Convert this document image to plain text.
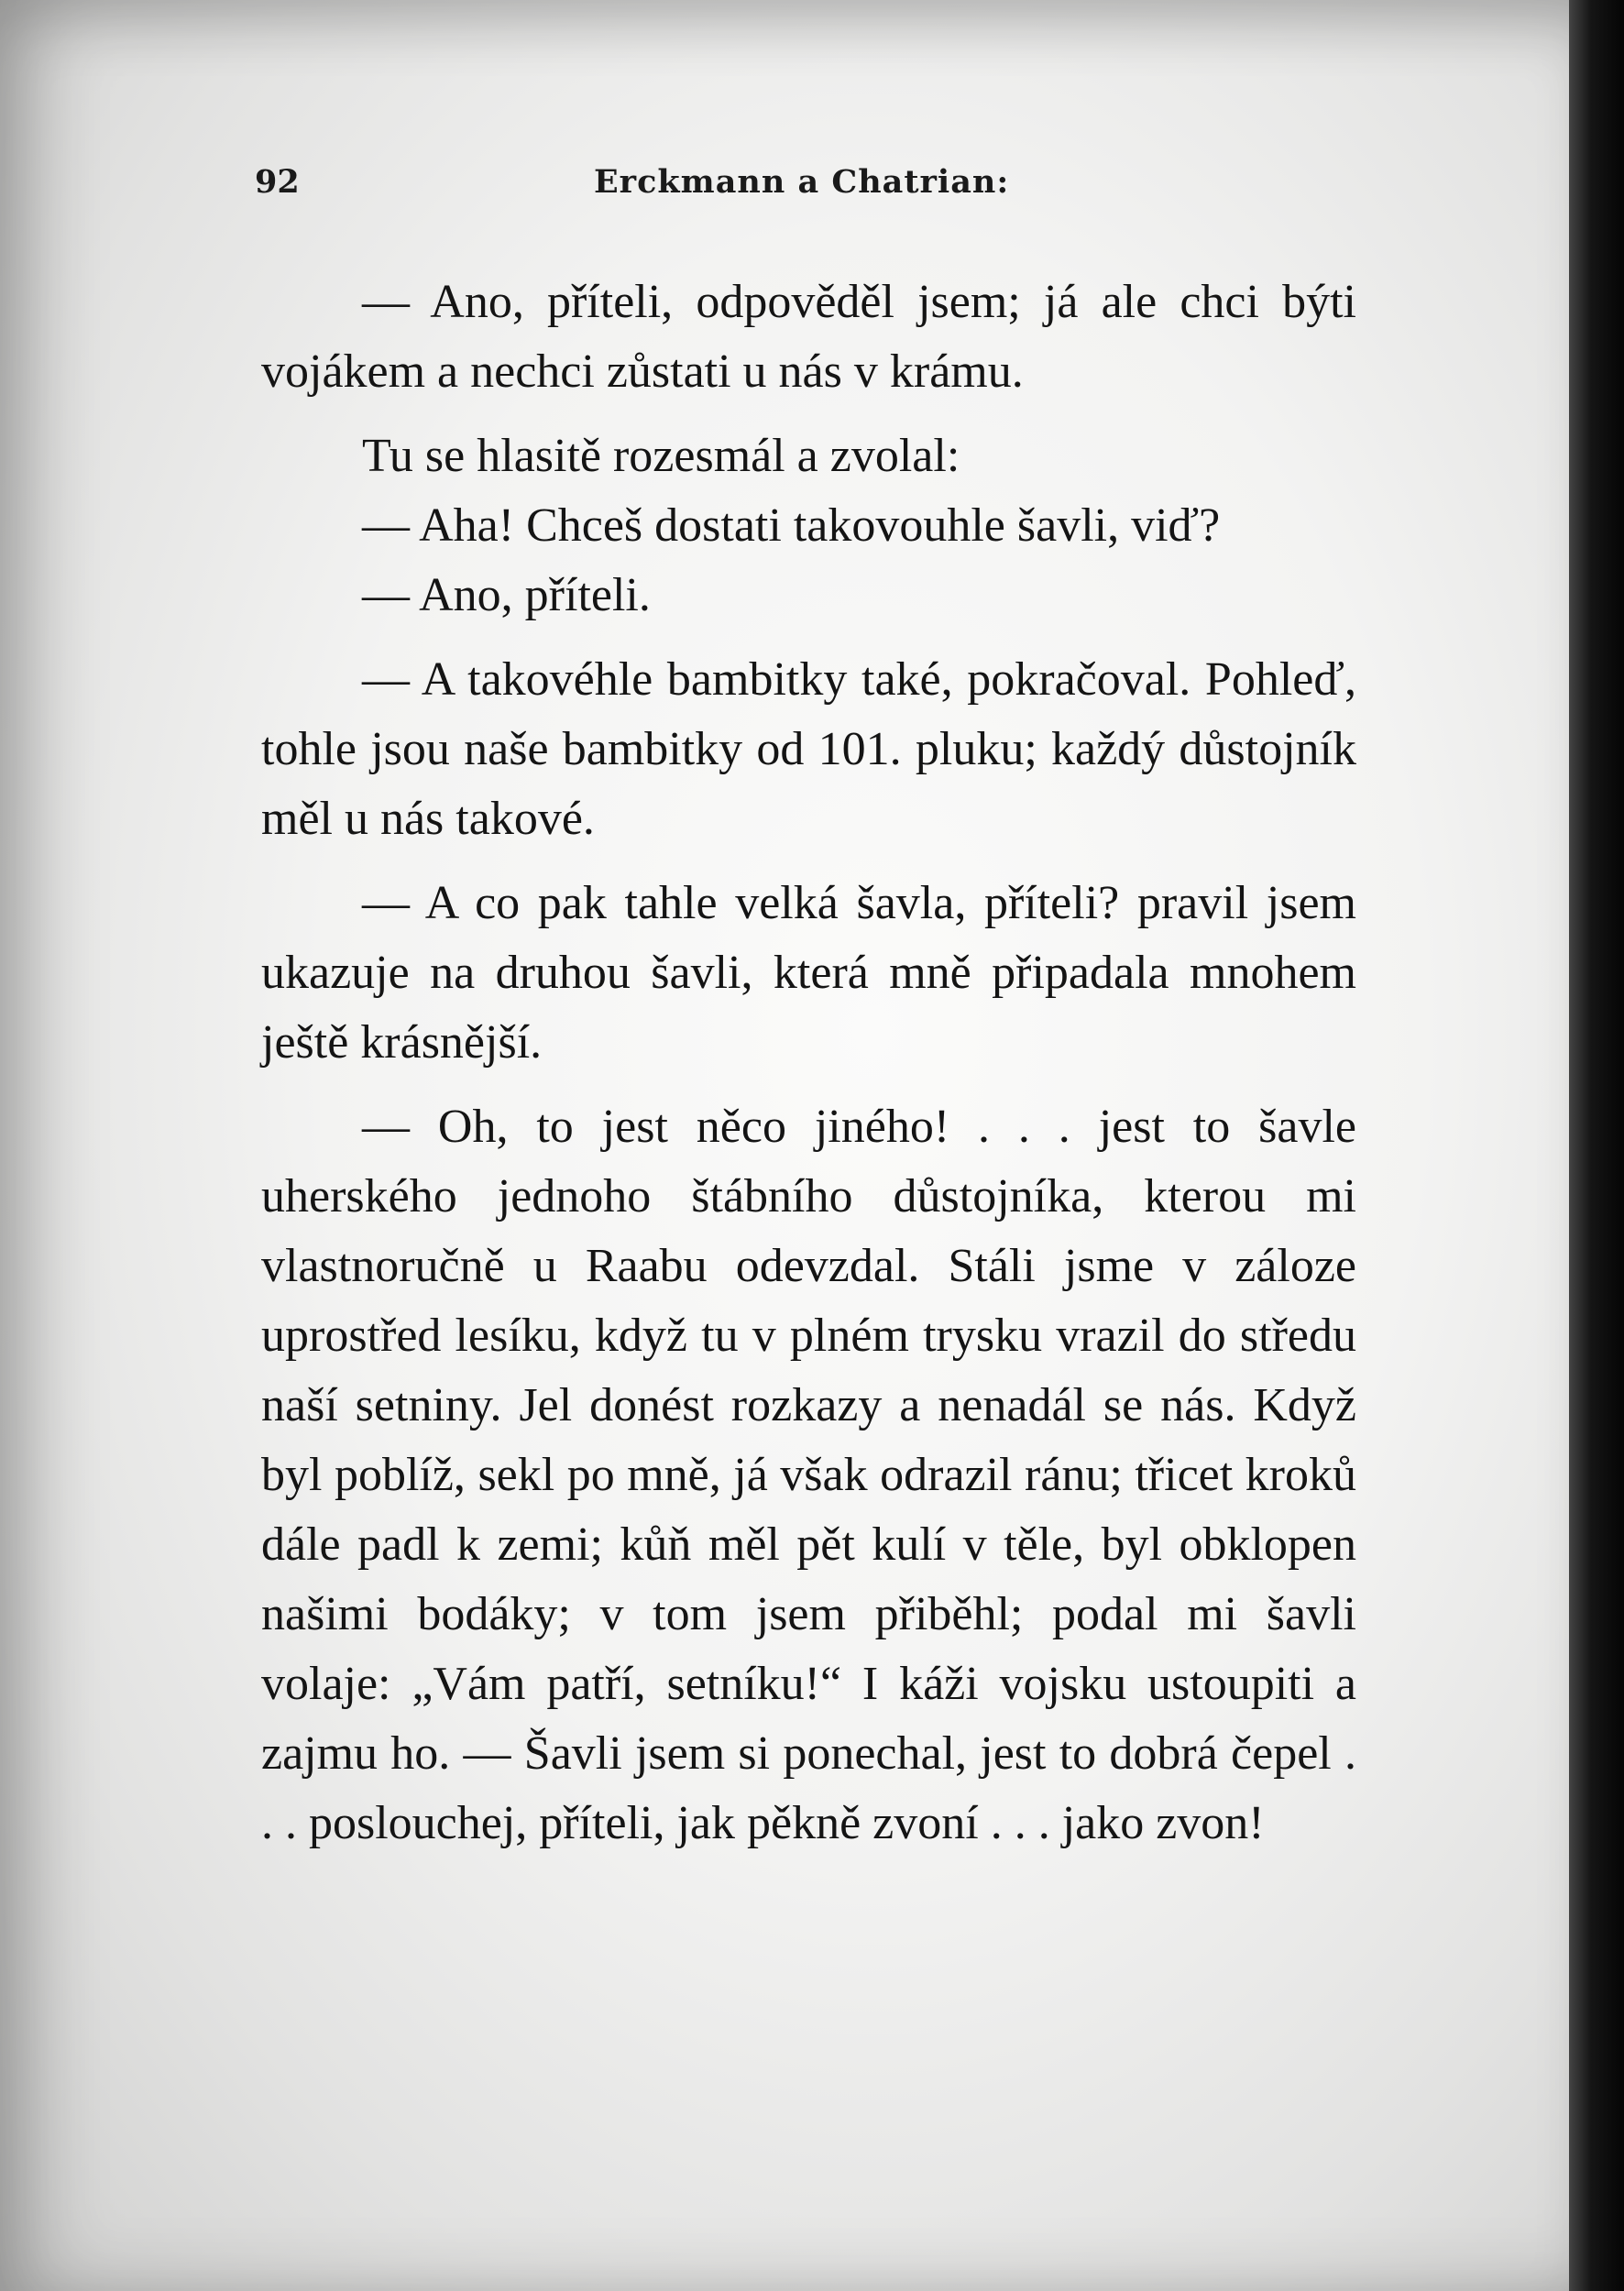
92	Erckmann a Chatrian:

— Ano, příteli, odpověděl jsem; já ale chci býti vojákem a nechci zůstati u nás v krámu.

Tu se hlasitě rozesmál a zvolal:

— Aha! Chceš dostati takovouhle šavli, viď?

— Ano, příteli.

— A takovéhle bambitky také, pokračoval. Pohleď, tohle jsou naše bambitky od 101. pluku; každý důstojník měl u nás takové.

— A co pak tahle velká šavla, příteli? pravil jsem ukazuje na druhou šavli, která mně připadala mnohem ještě krásnější.

— Oh, to jest něco jiného! . . . jest to šavle uherského jednoho štábního důstojníka, kterou mi vlastnoručně u Raabu odevzdal. Stáli jsme v záloze uprostřed lesíku, když tu v plném trysku vrazil do středu naší setniny. Jel donést rozkazy a nenadál se nás. Když byl poblíž, sekl po mně, já však odrazil ránu; třicet kroků dále padl k zemi; kůň měl pět kulí v těle, byl obklopen našimi bodáky; v tom jsem přiběhl; podal mi šavli volaje: „Vám patří, setníku!“ I káži vojsku ustoupiti a zajmu ho. — Šavli jsem si ponechal, jest to dobrá čepel . . . poslouchej, příteli, jak pěkně zvoní . . . jako zvon!
